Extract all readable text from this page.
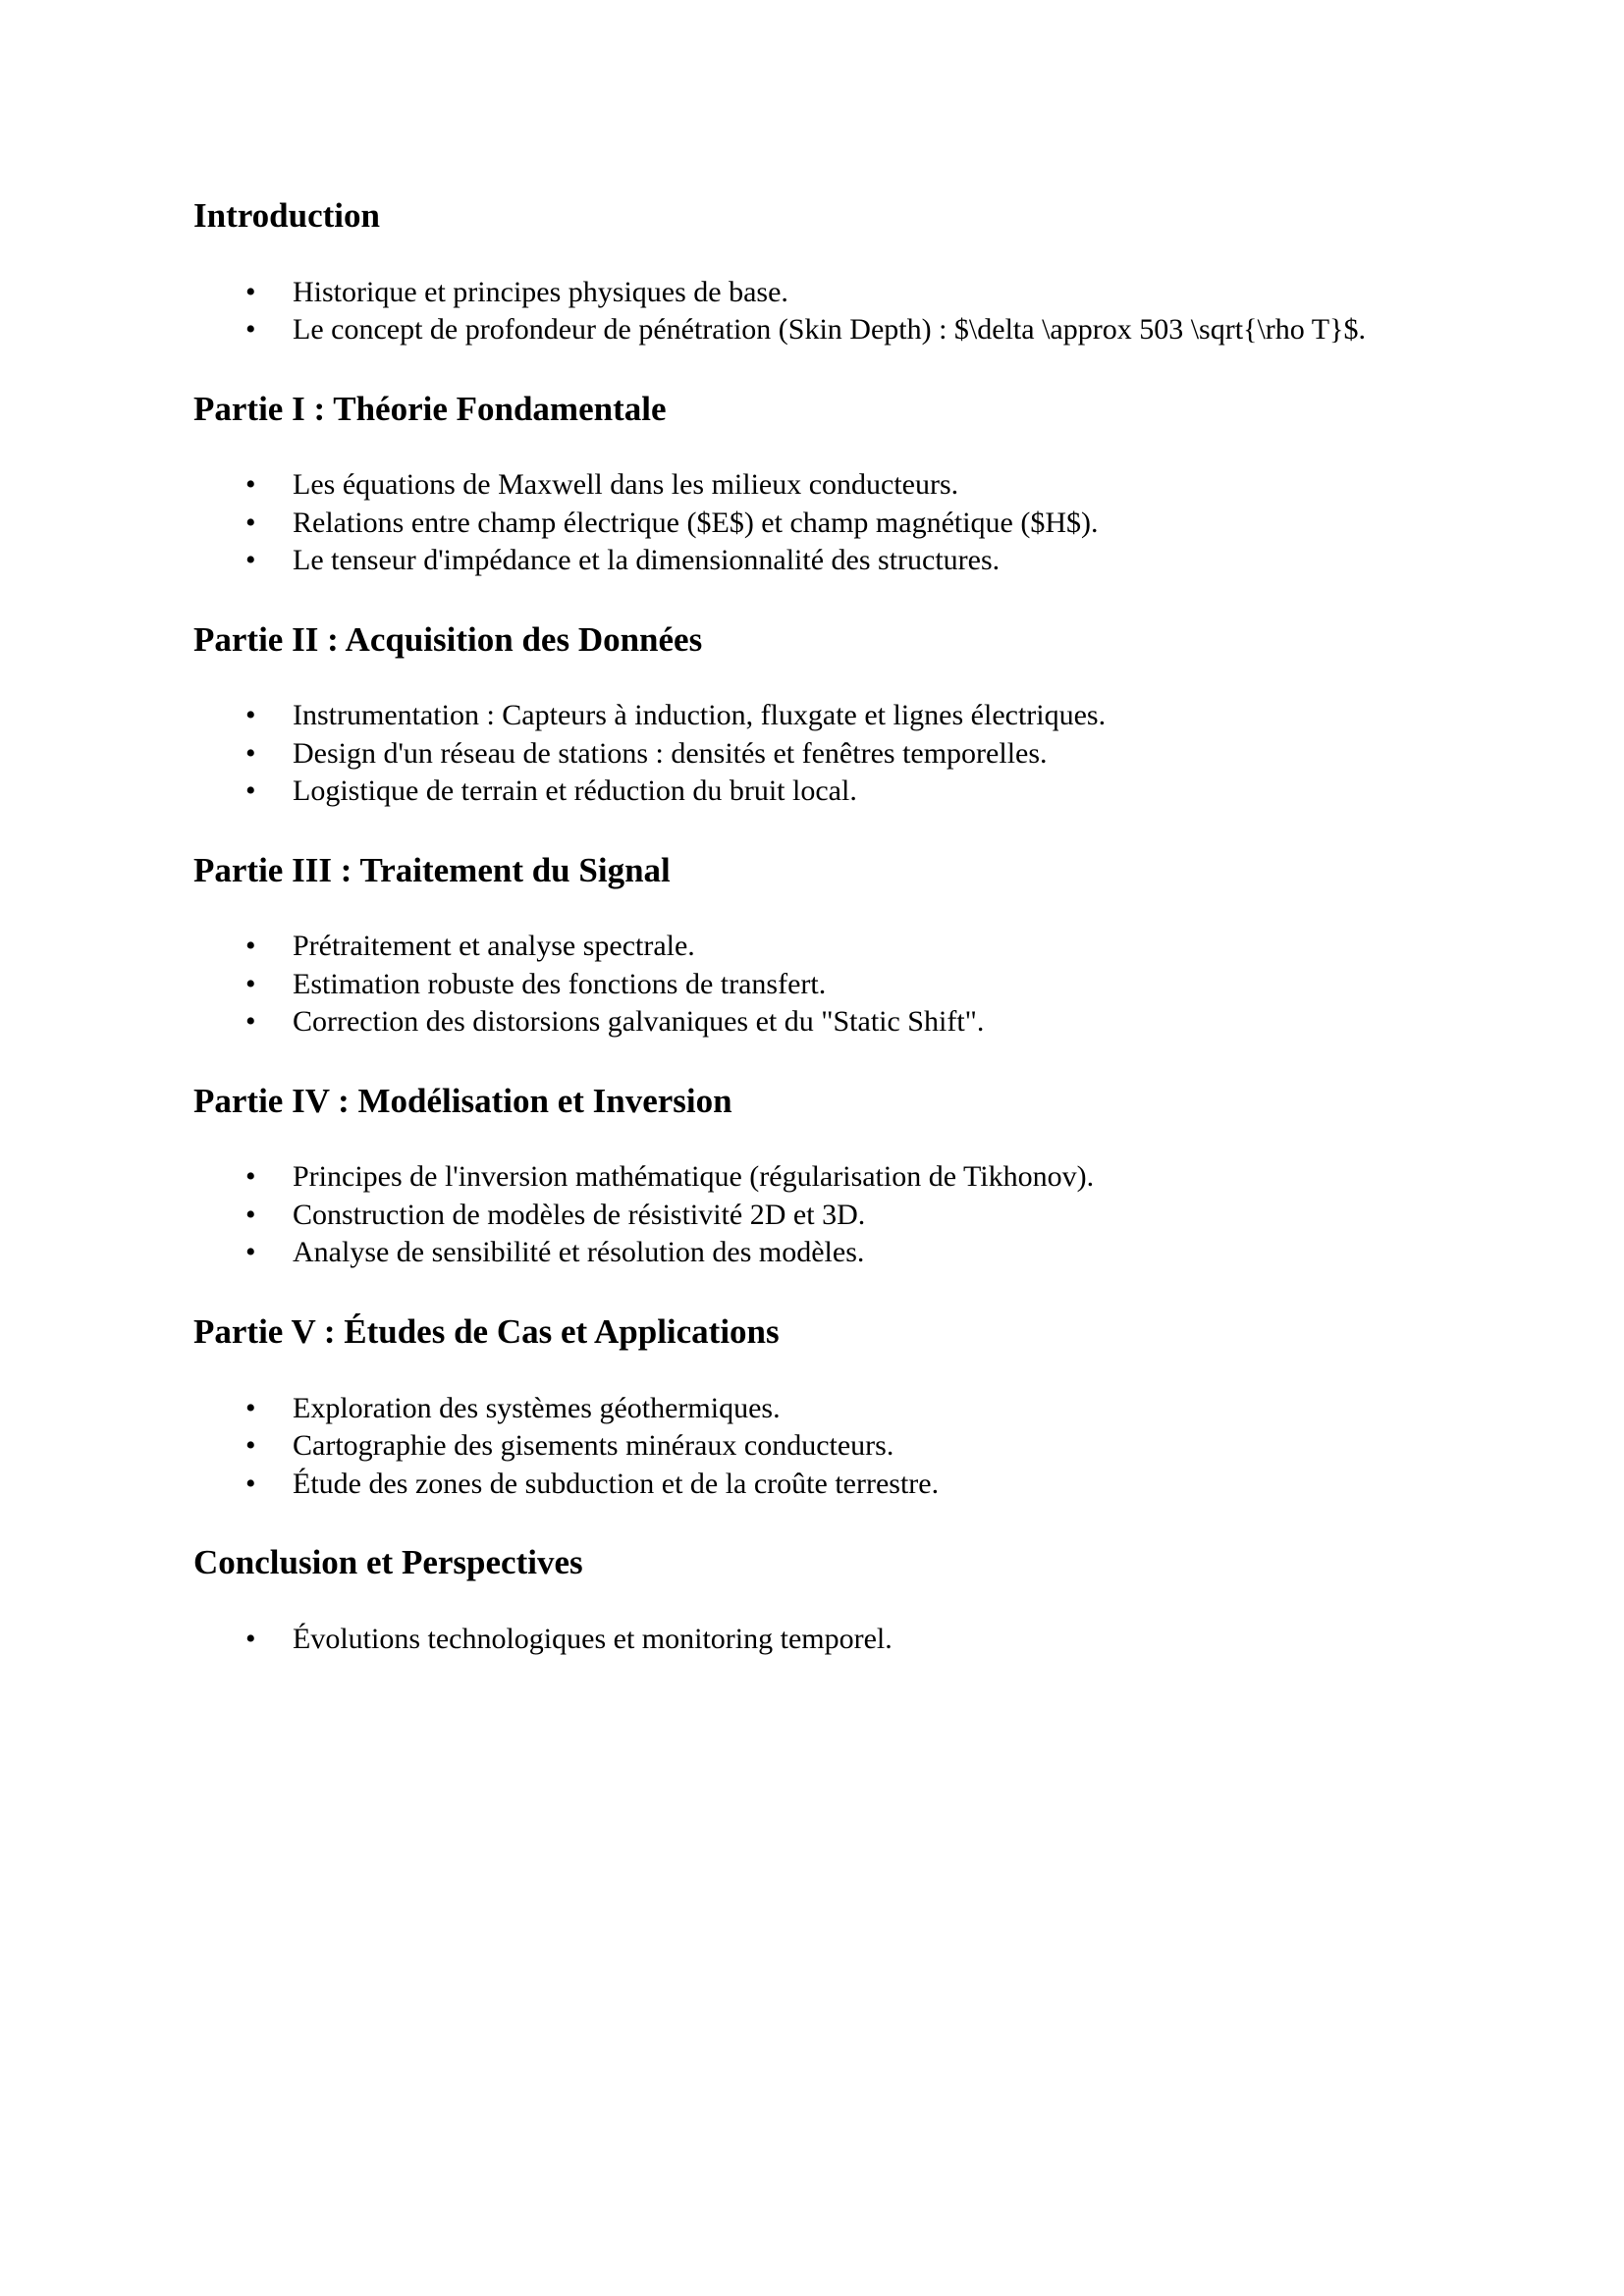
Introduction
• Historique et principes physiques de base.
• Le concept de profondeur de pénétration (Skin Depth) : $\delta \approx 503 \sqrt{\rho T}$.
Partie I : Théorie Fondamentale
• Les équations de Maxwell dans les milieux conducteurs.
• Relations entre champ électrique ($E$) et champ magnétique ($H$).
• Le tenseur d'impédance et la dimensionnalité des structures.
Partie II : Acquisition des Données
• Instrumentation : Capteurs à induction, fluxgate et lignes électriques.
• Design d'un réseau de stations : densités et fenêtres temporelles.
• Logistique de terrain et réduction du bruit local.
Partie III : Traitement du Signal
• Prétraitement et analyse spectrale.
• Estimation robuste des fonctions de transfert.
• Correction des distorsions galvaniques et du "Static Shift".
Partie IV : Modélisation et Inversion
• Principes de l'inversion mathématique (régularisation de Tikhonov).
• Construction de modèles de résistivité 2D et 3D.
• Analyse de sensibilité et résolution des modèles.
Partie V : Études de Cas et Applications
• Exploration des systèmes géothermiques.
• Cartographie des gisements minéraux conducteurs.
• Étude des zones de subduction et de la croûte terrestre.
Conclusion et Perspectives
• Évolutions technologiques et monitoring temporel.
